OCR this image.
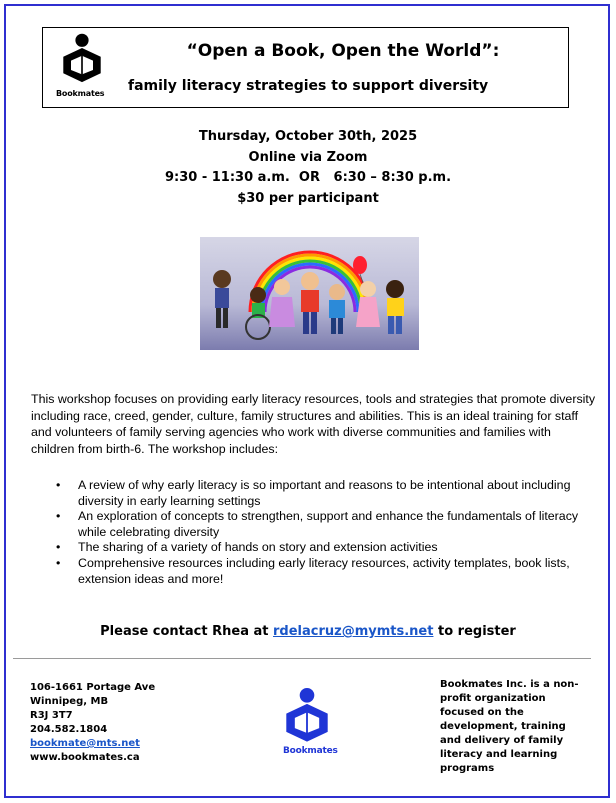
Bookmates
“Open a Book, Open the World”:
family literacy strategies to support diversity
Thursday, October 30th, 2025
Online via Zoom
9:30 - 11:30 a.m.  OR   6:30 – 8:30 p.m.
$30 per participant
This workshop focuses on providing early literacy resources, tools and strategies that promote diversity including race, creed, gender, culture, family structures and abilities. This is an ideal training for staff and volunteers of family serving agencies who work with diverse communities and families with children from birth-6. The workshop includes:
• A review of why early literacy is so important and reasons to be intentional about including diversity in early learning settings
• An exploration of concepts to strengthen, support and enhance the fundamentals of literacy while celebrating diversity
• The sharing of a variety of hands on story and extension activities
• Comprehensive resources including early literacy resources, activity templates, book lists, extension ideas and more!
Please contact Rhea at rdelacruz@mymts.net to register
106-1661 Portage Ave
Winnipeg, MB
R3J 3T7
204.582.1804
bookmate@mts.net
www.bookmates.ca
Bookmates
Bookmates Inc. is a non-profit organization focused on the development, training and delivery of family literacy and learning programs
